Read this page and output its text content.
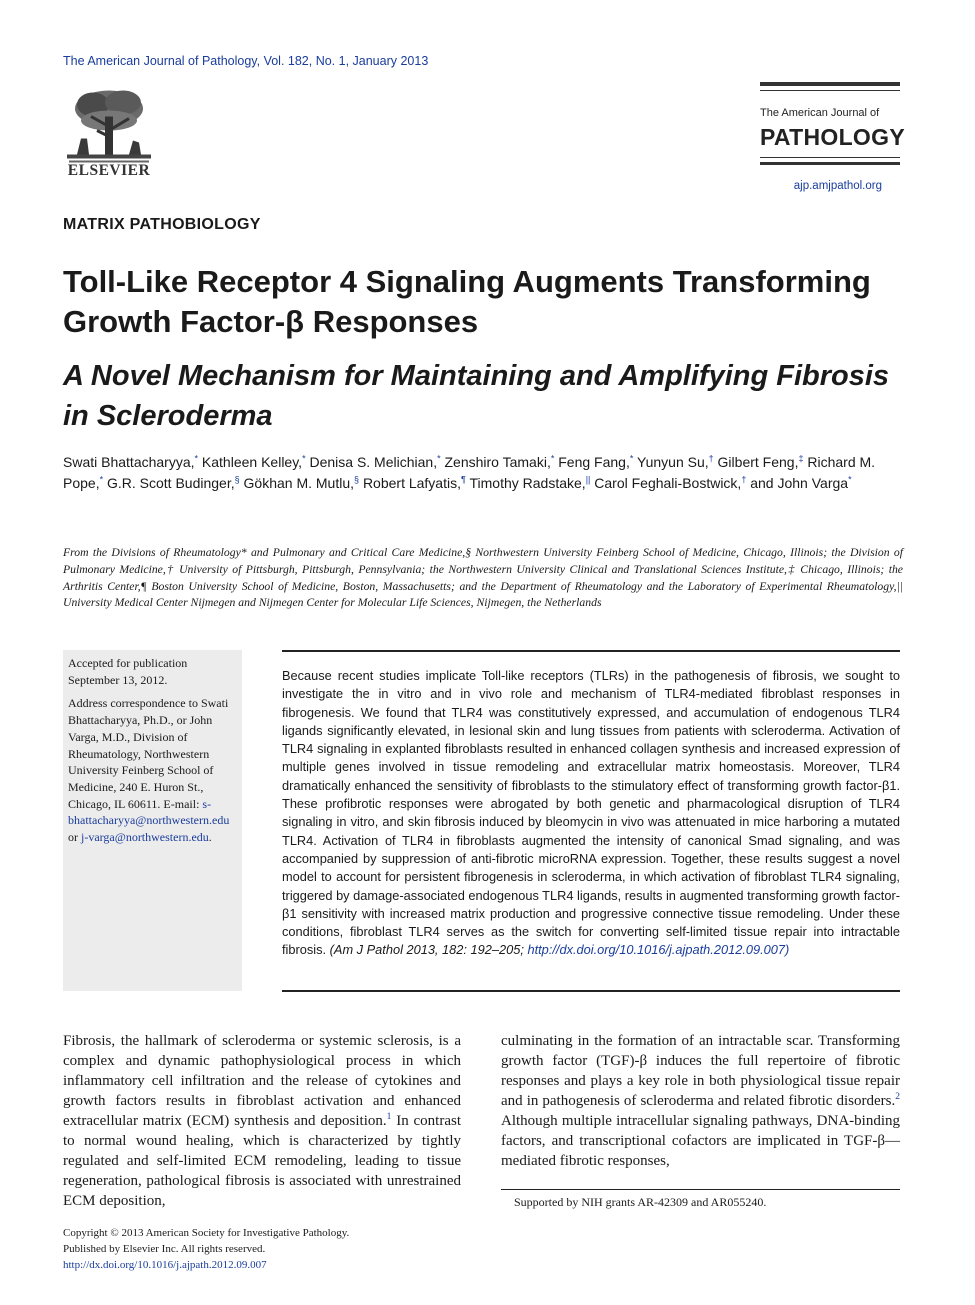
The American Journal of Pathology, Vol. 182, No. 1, January 2013
ELSEVIER
The American Journal of
PATHOLOGY
ajp.amjpathol.org
MATRIX PATHOBIOLOGY
Toll-Like Receptor 4 Signaling Augments Transforming Growth Factor-β Responses
A Novel Mechanism for Maintaining and Amplifying Fibrosis in Scleroderma
Swati Bhattacharyya,* Kathleen Kelley,* Denisa S. Melichian,* Zenshiro Tamaki,* Feng Fang,* Yunyun Su,† Gilbert Feng,‡ Richard M. Pope,* G.R. Scott Budinger,§ Gökhan M. Mutlu,§ Robert Lafyatis,¶ Timothy Radstake,|| Carol Feghali-Bostwick,† and John Varga*
From the Divisions of Rheumatology* and Pulmonary and Critical Care Medicine,§ Northwestern University Feinberg School of Medicine, Chicago, Illinois; the Division of Pulmonary Medicine,† University of Pittsburgh, Pittsburgh, Pennsylvania; the Northwestern University Clinical and Translational Sciences Institute,‡ Chicago, Illinois; the Arthritis Center,¶ Boston University School of Medicine, Boston, Massachusetts; and the Department of Rheumatology and the Laboratory of Experimental Rheumatology,|| University Medical Center Nijmegen and Nijmegen Center for Molecular Life Sciences, Nijmegen, the Netherlands

Accepted for publication September 13, 2012.

Address correspondence to Swati Bhattacharyya, Ph.D., or John Varga, M.D., Division of Rheumatology, Northwestern University Feinberg School of Medicine, 240 E. Huron St., Chicago, IL 60611. E-mail: s-bhattacharyya@northwestern.edu or j-varga@northwestern.edu.

Because recent studies implicate Toll-like receptors (TLRs) in the pathogenesis of fibrosis, we sought to investigate the in vitro and in vivo role and mechanism of TLR4-mediated fibroblast responses in fibrogenesis. We found that TLR4 was constitutively expressed, and accumulation of endogenous TLR4 ligands significantly elevated, in lesional skin and lung tissues from patients with scleroderma. Activation of TLR4 signaling in explanted fibroblasts resulted in enhanced collagen synthesis and increased expression of multiple genes involved in tissue remodeling and extracellular matrix homeostasis. Moreover, TLR4 dramatically enhanced the sensitivity of fibroblasts to the stimulatory effect of transforming growth factor-β1. These profibrotic responses were abrogated by both genetic and pharmacological disruption of TLR4 signaling in vitro, and skin fibrosis induced by bleomycin in vivo was attenuated in mice harboring a mutated TLR4. Activation of TLR4 in fibroblasts augmented the intensity of canonical Smad signaling, and was accompanied by suppression of anti-fibrotic microRNA expression. Together, these results suggest a novel model to account for persistent fibrogenesis in scleroderma, in which activation of fibroblast TLR4 signaling, triggered by damage-associated endogenous TLR4 ligands, results in augmented transforming growth factor-β1 sensitivity with increased matrix production and progressive connective tissue remodeling. Under these conditions, fibroblast TLR4 serves as the switch for converting self-limited tissue repair into intractable fibrosis. (Am J Pathol 2013, 182: 192–205; http://dx.doi.org/10.1016/j.ajpath.2012.09.007)
Fibrosis, the hallmark of scleroderma or systemic sclerosis, is a complex and dynamic pathophysiological process in which inflammatory cell infiltration and the release of cytokines and growth factors results in fibroblast activation and enhanced extracellular matrix (ECM) synthesis and deposition.$^1$ In contrast to normal wound healing, which is characterized by tightly regulated and self-limited ECM remodeling, leading to tissue regeneration, pathological fibrosis is associated with unrestrained ECM deposition,
culminating in the formation of an intractable scar. Transforming growth factor (TGF)-β induces the full repertoire of fibrotic responses and plays a key role in both physiological tissue repair and in pathogenesis of scleroderma and related fibrotic disorders.$^2$ Although multiple intracellular signaling pathways, DNA-binding factors, and transcriptional cofactors are implicated in TGF-β—mediated fibrotic responses,
Supported by NIH grants AR-42309 and AR055240.
Copyright © 2013 American Society for Investigative Pathology.
Published by Elsevier Inc. All rights reserved.
http://dx.doi.org/10.1016/j.ajpath.2012.09.007
